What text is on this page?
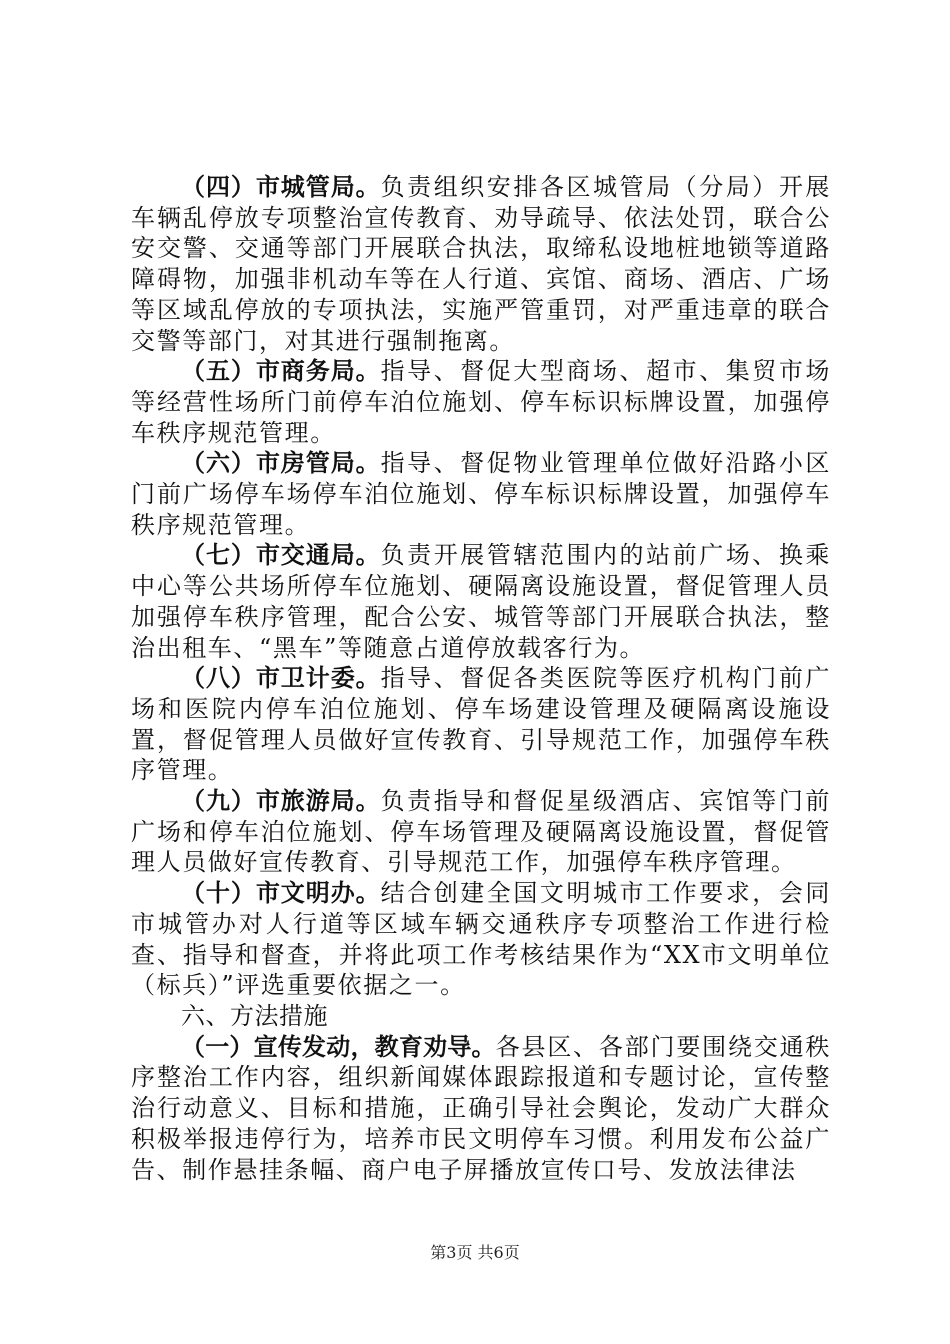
（四）市城管局。负责组织安排各区城管局（分局）开展车辆乱停放专项整治宣传教育、劝导疏导、依法处罚，联合公安交警、交通等部门开展联合执法，取缔私设地桩地锁等道路障碍物，加强非机动车等在人行道、宾馆、商场、酒店、广场等区域乱停放的专项执法，实施严管重罚，对严重违章的联合交警等部门，对其进行强制拖离。

（五）市商务局。指导、督促大型商场、超市、集贸市场等经营性场所门前停车泊位施划、停车标识标牌设置，加强停车秩序规范管理。

（六）市房管局。指导、督促物业管理单位做好沿路小区门前广场停车场停车泊位施划、停车标识标牌设置，加强停车秩序规范管理。

（七）市交通局。负责开展管辖范围内的站前广场、换乘中心等公共场所停车位施划、硬隔离设施设置，督促管理人员加强停车秩序管理，配合公安、城管等部门开展联合执法，整治出租车、“黑车”等随意占道停放载客行为。

（八）市卫计委。指导、督促各类医院等医疗机构门前广场和医院内停车泊位施划、停车场建设管理及硬隔离设施设置，督促管理人员做好宣传教育、引导规范工作，加强停车秩序管理。

（九）市旅游局。负责指导和督促星级酒店、宾馆等门前广场和停车泊位施划、停车场管理及硬隔离设施设置，督促管理人员做好宣传教育、引导规范工作，加强停车秩序管理。

（十）市文明办。结合创建全国文明城市工作要求，会同市城管办对人行道等区域车辆交通秩序专项整治工作进行检查、指导和督查，并将此项工作考核结果作为“XX市文明单位（标兵）”评选重要依据之一。

六、方法措施

（一）宣传发动，教育劝导。各县区、各部门要围绕交通秩序整治工作内容，组织新闻媒体跟踪报道和专题讨论，宣传整治行动意义、目标和措施，正确引导社会舆论，发动广大群众积极举报违停行为，培养市民文明停车习惯。利用发布公益广告、制作悬挂条幅、商户电子屏播放宣传口号、发放法律法

第3页 共6页
